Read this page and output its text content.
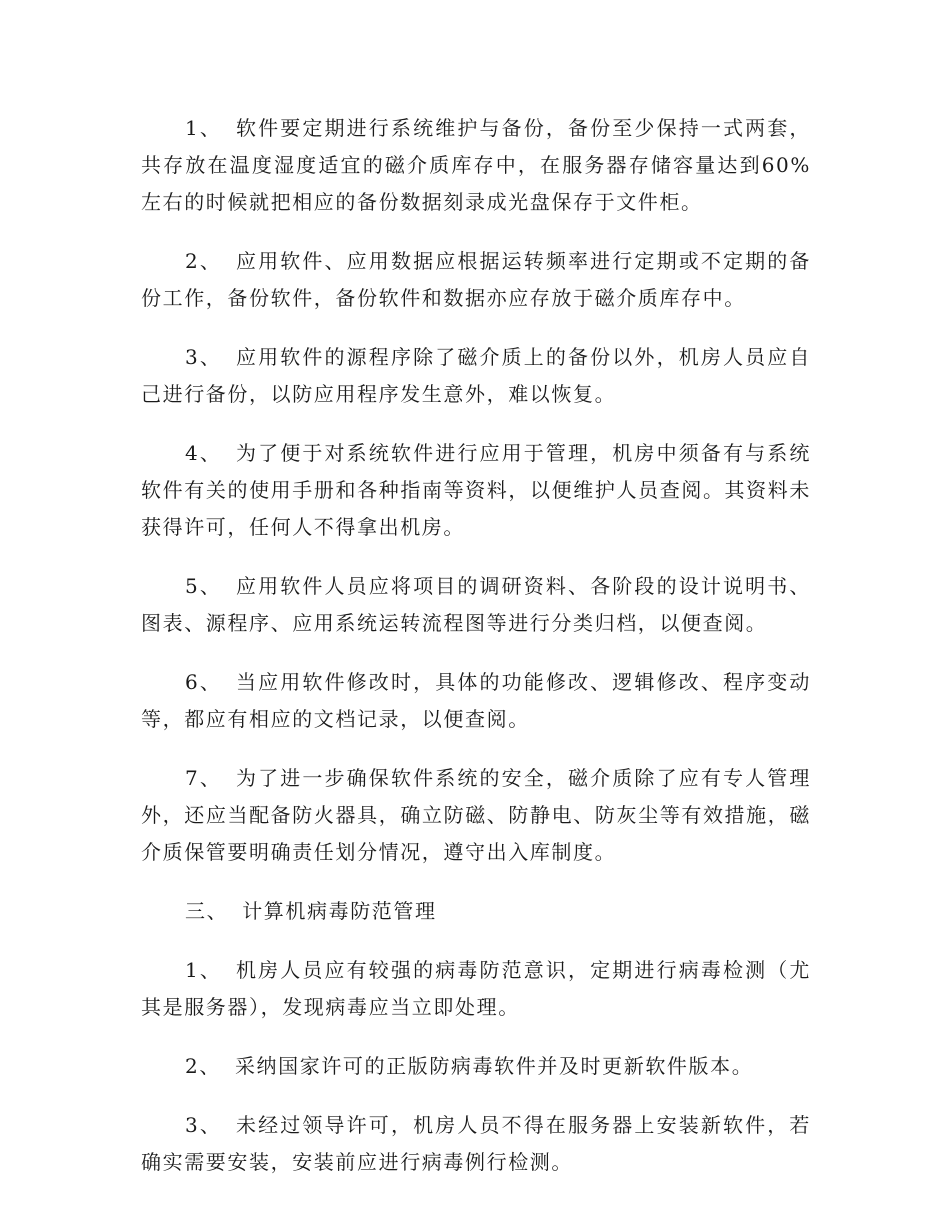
1、 软件要定期进行系统维护与备份，备份至少保持一式两套，共存放在温度湿度适宜的磁介质库存中，在服务器存储容量达到60%左右的时候就把相应的备份数据刻录成光盘保存于文件柜。

2、 应用软件、应用数据应根据运转频率进行定期或不定期的备份工作，备份软件，备份软件和数据亦应存放于磁介质库存中。

3、 应用软件的源程序除了磁介质上的备份以外，机房人员应自己进行备份，以防应用程序发生意外，难以恢复。

4、 为了便于对系统软件进行应用于管理，机房中须备有与系统软件有关的使用手册和各种指南等资料，以便维护人员查阅。其资料未获得许可，任何人不得拿出机房。

5、 应用软件人员应将项目的调研资料、各阶段的设计说明书、图表、源程序、应用系统运转流程图等进行分类归档，以便查阅。

6、 当应用软件修改时，具体的功能修改、逻辑修改、程序变动等，都应有相应的文档记录，以便查阅。

7、 为了进一步确保软件系统的安全，磁介质除了应有专人管理外，还应当配备防火器具，确立防磁、防静电、防灰尘等有效措施，磁介质保管要明确责任划分情况，遵守出入库制度。

三、 计算机病毒防范管理

1、 机房人员应有较强的病毒防范意识，定期进行病毒检测（尤其是服务器），发现病毒应当立即处理。

2、 采纳国家许可的正版防病毒软件并及时更新软件版本。

3、 未经过领导许可，机房人员不得在服务器上安装新软件，若确实需要安装，安装前应进行病毒例行检测。
